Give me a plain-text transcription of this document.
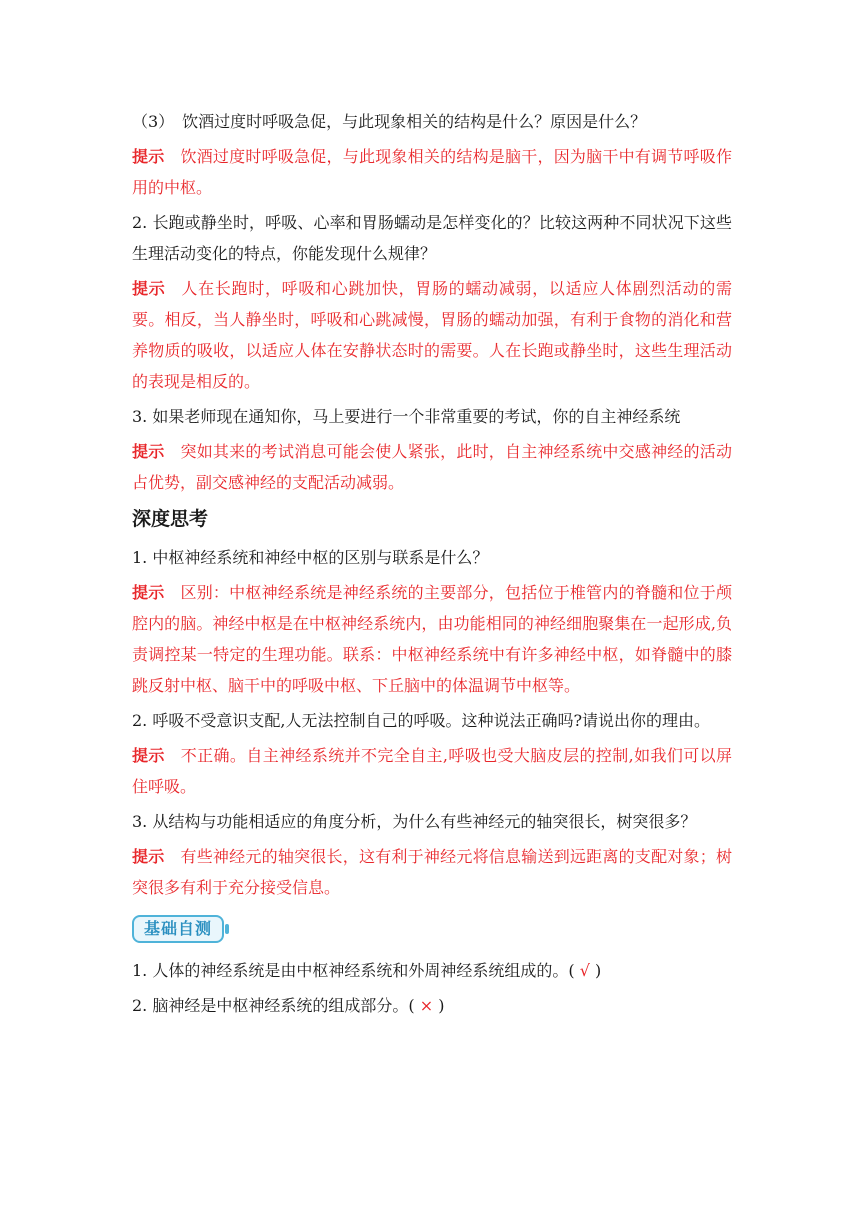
（3）　饮酒过度时呼吸急促，与此现象相关的结构是什么？原因是什么？

提示 饮酒过度时呼吸急促，与此现象相关的结构是脑干，因为脑干中有调节呼吸作用的中枢。

2. 长跑或静坐时，呼吸、心率和胃肠蠕动是怎样变化的？比较这两种不同状况下这些生理活动变化的特点，你能发现什么规律？

提示 人在长跑时，呼吸和心跳加快，胃肠的蠕动减弱，以适应人体剧烈活动的需要。相反，当人静坐时，呼吸和心跳减慢，胃肠的蠕动加强，有利于食物的消化和营养物质的吸收，以适应人体在安静状态时的需要。人在长跑或静坐时，这些生理活动的表现是相反的。

3. 如果老师现在通知你，马上要进行一个非常重要的考试，你的自主神经系统

提示 突如其来的考试消息可能会使人紧张，此时，自主神经系统中交感神经的活动占优势，副交感神经的支配活动减弱。

深度思考

1. 中枢神经系统和神经中枢的区别与联系是什么？

提示 区别：中枢神经系统是神经系统的主要部分，包括位于椎管内的脊髓和位于颅腔内的脑。神经中枢是在中枢神经系统内，由功能相同的神经细胞聚集在一起形成,负责调控某一特定的生理功能。联系：中枢神经系统中有许多神经中枢，如脊髓中的膝跳反射中枢、脑干中的呼吸中枢、下丘脑中的体温调节中枢等。

2. 呼吸不受意识支配,人无法控制自己的呼吸。这种说法正确吗?请说出你的理由。

提示 不正确。自主神经系统并不完全自主,呼吸也受大脑皮层的控制,如我们可以屏住呼吸。

3. 从结构与功能相适应的角度分析，为什么有些神经元的轴突很长，树突很多？

提示 有些神经元的轴突很长，这有利于神经元将信息输送到远距离的支配对象；树突很多有利于充分接受信息。

基础自测

1. 人体的神经系统是由中枢神经系统和外周神经系统组成的。( √ )

2. 脑神经是中枢神经系统的组成部分。( × )
